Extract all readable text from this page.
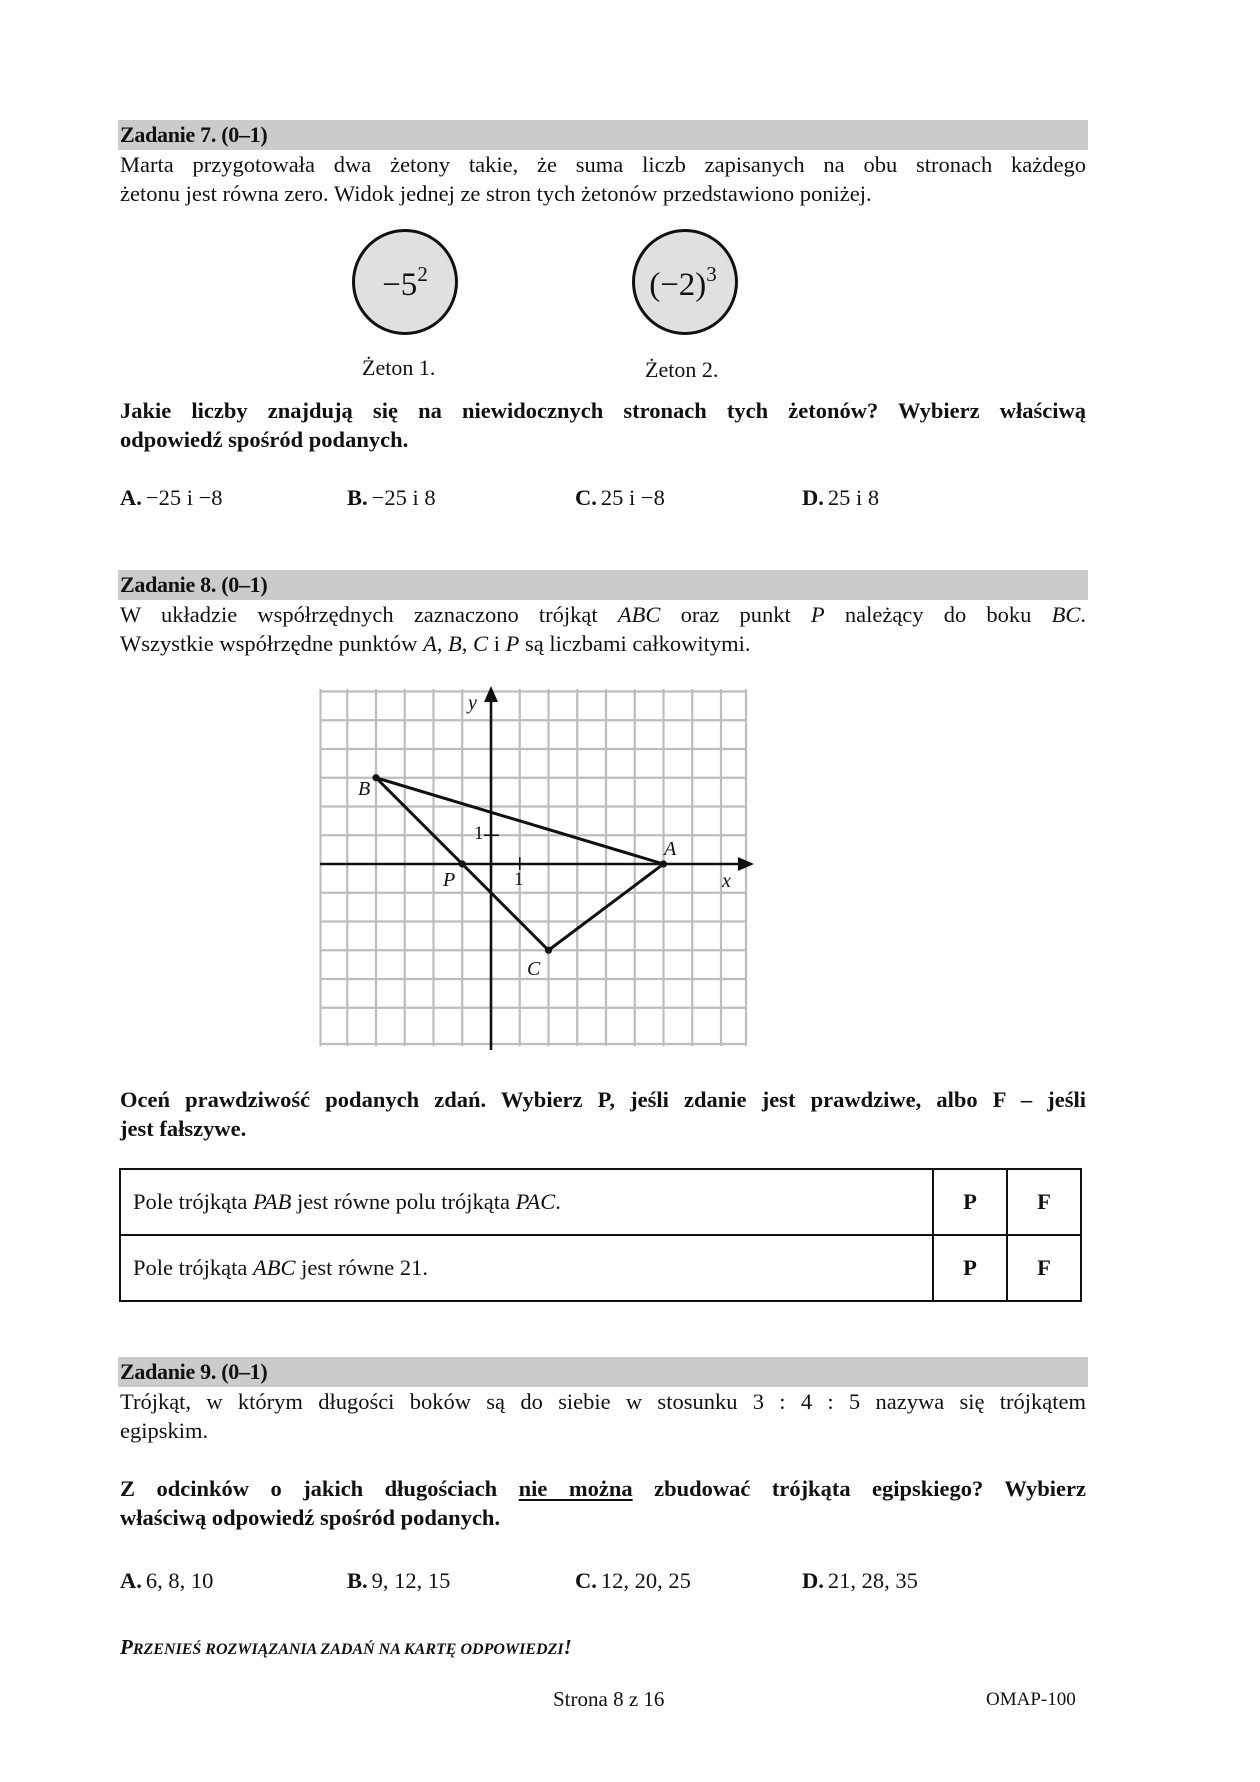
Zadanie 7. (0–1)
Marta przygotowała dwa żetony takie, że suma liczb zapisanych na obu stronach każdego
żetonu jest równa zero. Widok jednej ze stron tych żetonów przedstawiono poniżej.
$-5^2$
Żeton 1.
$(-2)^3$
Żeton 2.
Jakie liczby znajdują się na niewidocznych stronach tych żetonów? Wybierz właściwą
odpowiedź spośród podanych.
A. −25 i −8	B. −25 i 8	C. 25 i −8	D. 25 i 8
Zadanie 8. (0–1)
W układzie współrzędnych zaznaczono trójkąt ABC oraz punkt P należący do boku BC.
Wszystkie współrzędne punktów A, B, C i P są liczbami całkowitymi.
y
x
1
1
A
B
C
P
Oceń prawdziwość podanych zdań. Wybierz P, jeśli zdanie jest prawdziwe, albo F – jeśli
jest fałszywe.
Pole trójkąta PAB jest równe polu trójkąta PAC.	P	F
Pole trójkąta ABC jest równe 21.	P	F
Zadanie 9. (0–1)
Trójkąt, w którym długości boków są do siebie w stosunku 3 : 4 : 5 nazywa się trójkątem
egipskim.
Z odcinków o jakich długościach nie można zbudować trójkąta egipskiego? Wybierz
właściwą odpowiedź spośród podanych.
A. 6, 8, 10	B. 9, 12, 15	C. 12, 20, 25	D. 21, 28, 35
PRZENIEŚ ROZWIĄZANIA ZADAŃ NA KARTĘ ODPOWIEDZI!
Strona 8 z 16	OMAP-100
